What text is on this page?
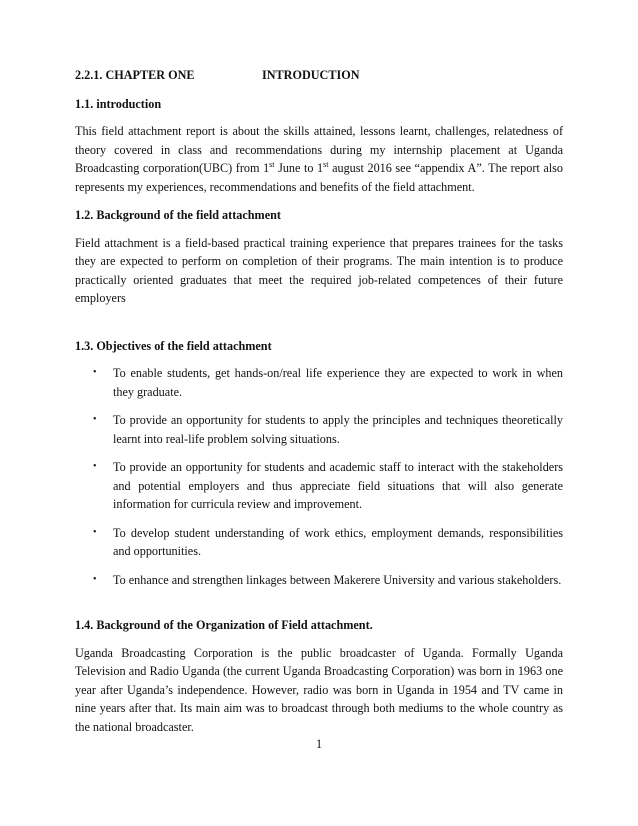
2.2.1. CHAPTER ONE	INTRODUCTION
1.1. introduction

This field attachment report is about the skills attained, lessons learnt, challenges, relatedness of theory covered in class and recommendations during my internship placement at Uganda Broadcasting corporation(UBC) from 1st June to 1st august 2016 see “appendix A”. The report also represents my experiences, recommendations and benefits of the field attachment.

1.2. Background of the field attachment

Field attachment is a field-based practical training experience that prepares trainees for the tasks they are expected to perform on completion of their programs. The main intention is to produce practically oriented graduates that meet the required job-related competences of their future employers

1.3. Objectives of the field attachment
• To enable students, get hands-on/real life experience they are expected to work in when they graduate.
• To provide an opportunity for students to apply the principles and techniques theoretically learnt into real-life problem solving situations.
• To provide an opportunity for students and academic staff to interact with the stakeholders and potential employers and thus appreciate field situations that will also generate information for curricula review and improvement.
• To develop student understanding of work ethics, employment demands, responsibilities and opportunities.
• To enhance and strengthen linkages between Makerere University and various stakeholders.
1.4. Background of the Organization of Field attachment.

Uganda Broadcasting Corporation is the public broadcaster of Uganda. Formally Uganda Television and Radio Uganda (the current Uganda Broadcasting Corporation) was born in 1963 one year after Uganda’s independence. However, radio was born in Uganda in 1954 and TV came in nine years after that. Its main aim was to broadcast through both mediums to the whole country as the national broadcaster.

1
